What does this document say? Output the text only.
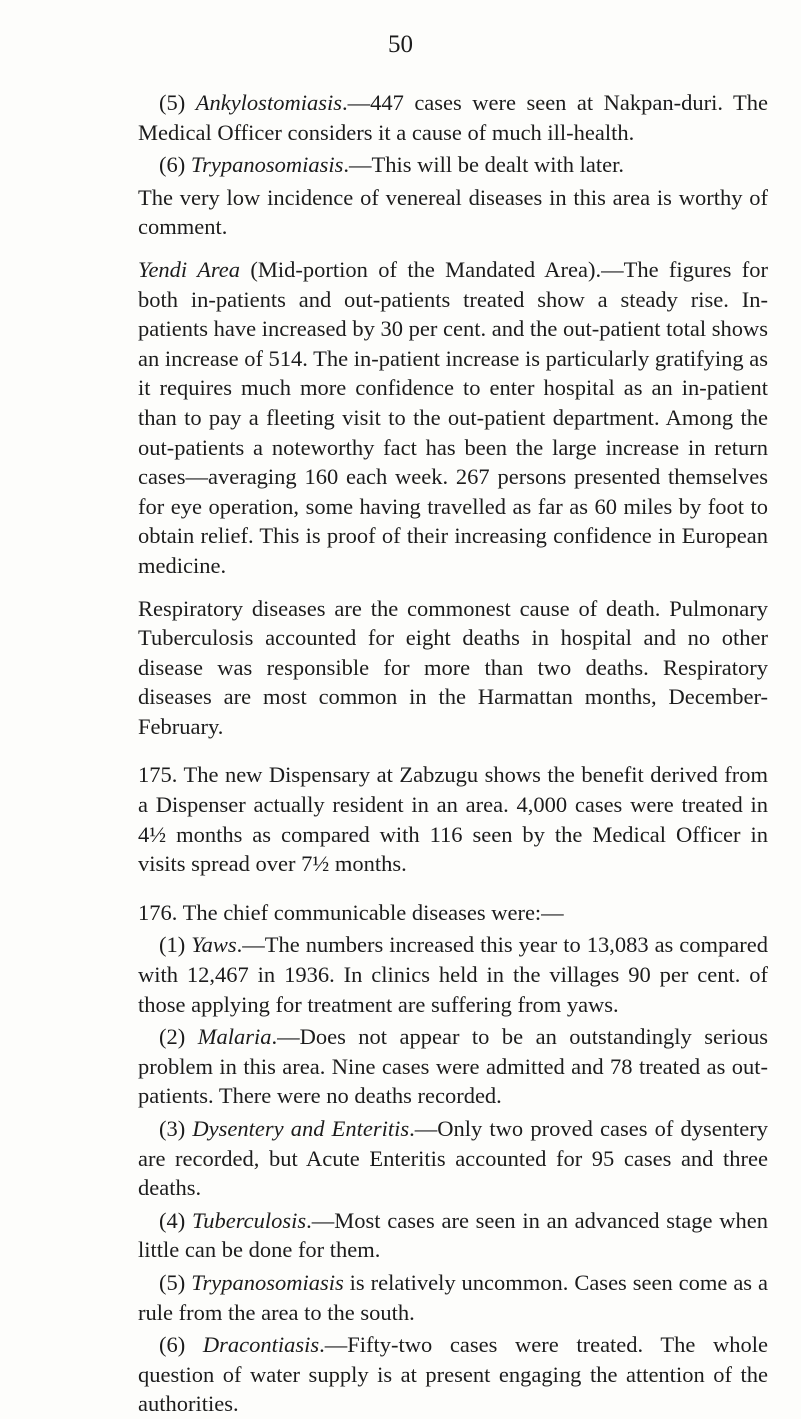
50

(5) Ankylostomiasis.—447 cases were seen at Nakpan-duri. The Medical Officer considers it a cause of much ill-health.

(6) Trypanosomiasis.—This will be dealt with later.

The very low incidence of venereal diseases in this area is worthy of comment.

Yendi Area (Mid-portion of the Mandated Area).—The figures for both in-patients and out-patients treated show a steady rise. In-patients have increased by 30 per cent. and the out-patient total shows an increase of 514. The in-patient increase is particularly gratifying as it requires much more confidence to enter hospital as an in-patient than to pay a fleeting visit to the out-patient department. Among the out-patients a noteworthy fact has been the large increase in return cases—averaging 160 each week. 267 persons presented themselves for eye operation, some having travelled as far as 60 miles by foot to obtain relief. This is proof of their increasing confidence in European medicine.

Respiratory diseases are the commonest cause of death. Pulmonary Tuberculosis accounted for eight deaths in hospital and no other disease was responsible for more than two deaths. Respiratory diseases are most common in the Harmattan months, December-February.

175. The new Dispensary at Zabzugu shows the benefit derived from a Dispenser actually resident in an area. 4,000 cases were treated in 4½ months as compared with 116 seen by the Medical Officer in visits spread over 7½ months.

176. The chief communicable diseases were:—

(1) Yaws.—The numbers increased this year to 13,083 as compared with 12,467 in 1936. In clinics held in the villages 90 per cent. of those applying for treatment are suffering from yaws.

(2) Malaria.—Does not appear to be an outstandingly serious problem in this area. Nine cases were admitted and 78 treated as out-patients. There were no deaths recorded.

(3) Dysentery and Enteritis.—Only two proved cases of dysentery are recorded, but Acute Enteritis accounted for 95 cases and three deaths.

(4) Tuberculosis.—Most cases are seen in an advanced stage when little can be done for them.

(5) Trypanosomiasis is relatively uncommon. Cases seen come as a rule from the area to the south.

(6) Dracontiasis.—Fifty-two cases were treated. The whole question of water supply is at present engaging the attention of the authorities.
